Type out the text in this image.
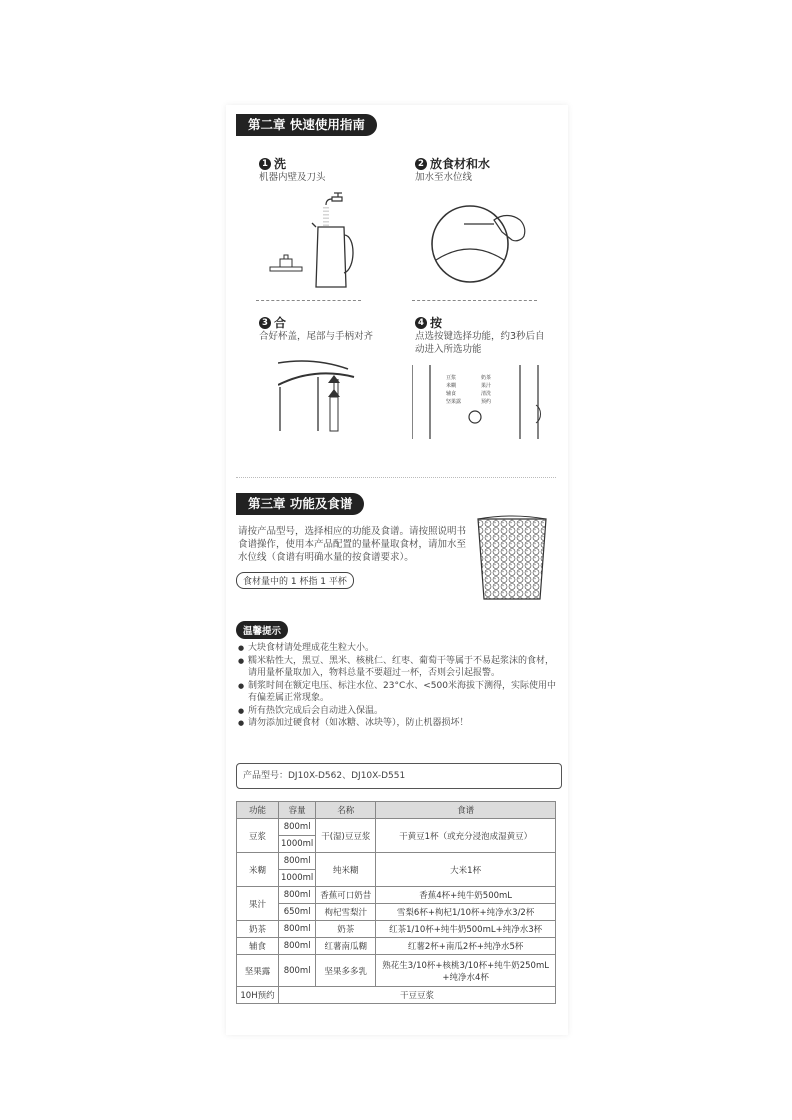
第二章 快速使用指南
1 洗
机器内壁及刀头
2 放食材和水
加水至水位线
3 合
合好杯盖，尾部与手柄对齐
4 按
点选按键选择功能，约3秒后自动进入所选功能
豆浆
米糊
辅食
坚果露
奶茶
果汁
清洗
预约
第三章 功能及食谱
请按产品型号，选择相应的功能及食谱。请按照说明书食谱操作，使用本产品配置的量杯量取食材，请加水至水位线（食谱有明确水量的按食谱要求）。
食材量中的 1 杯指 1 平杯
温馨提示
● 大块食材请处理成花生粒大小。
● 糯米粘性大，黑豆、黑米、核桃仁、红枣、葡萄干等属于不易起浆沫的食材，请用量杯量取加入，物料总量不要超过一杯，否则会引起报警。
● 制浆时间在额定电压、标注水位、23°C水、<500米海拔下测得，实际使用中有偏差属正常现象。
● 所有热饮完成后会自动进入保温。
● 请勿添加过硬食材（如冰糖、冰块等），防止机器损坏！
产品型号：DJ10X-D562、DJ10X-D551
功能	容量	名称	食谱
豆浆	800ml	干(湿)豆豆浆	干黄豆1杯（或充分浸泡成湿黄豆）
	1000ml		
米糊	800ml	纯米糊	大米1杯
	1000ml		
果汁	800ml	香蕉可口奶昔	香蕉4杯+纯牛奶500mL
	650ml	枸杞雪梨汁	雪梨6杯+枸杞1/10杯+纯净水3/2杯
奶茶	800ml	奶茶	红茶1/10杯+纯牛奶500mL+纯净水3杯
辅食	800ml	红薯南瓜糊	红薯2杯+南瓜2杯+纯净水5杯
坚果露	800ml	坚果多多乳	熟花生3/10杯+核桃3/10杯+纯牛奶250mL
+纯净水4杯

10H预约	干豆豆浆		
